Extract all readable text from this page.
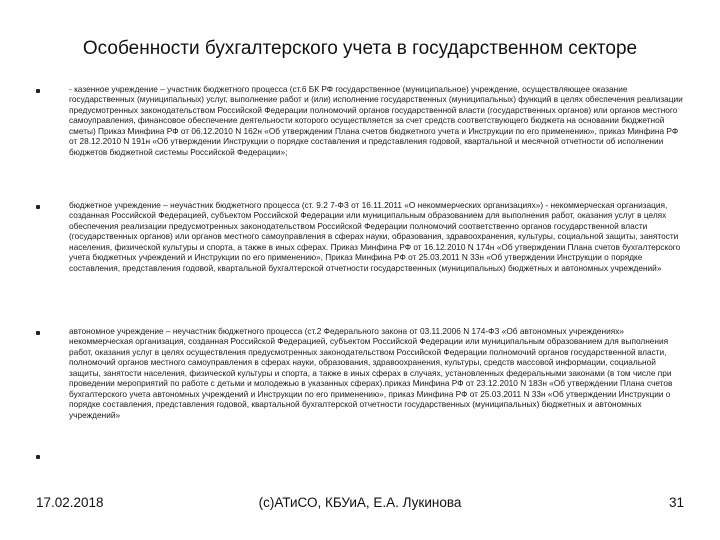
Особенности бухгалтерского учета в государственном секторе
- казенное учреждение – участник бюджетного процесса (ст.6 БК РФ государственное (муниципальное) учреждение, осуществляющее оказание государственных (муниципальных) услуг, выполнение работ и (или) исполнение государственных (муниципальных) функций в целях обеспечения реализации предусмотренных законодательством Российской Федерации полномочий органов государственной власти (государственных органов) или органов местного самоуправления, финансовое обеспечение деятельности которого осуществляется за счет средств соответствующего бюджета на основании бюджетной сметы) Приказ Минфина РФ от 06.12.2010 N 162н «Об утверждении Плана счетов бюджетного учета и Инструкции по его применению», приказ Минфина РФ от 28.12.2010 N 191н «Об утверждении Инструкции о порядке составления и представления годовой, квартальной и месячной отчетности об исполнении бюджетов бюджетной системы Российской Федерации»;
бюджетное учреждение – неучастник бюджетного процесса (ст. 9.2 7-ФЗ от 16.11.2011 «О некоммерческих организациях») - некоммерческая организация, созданная Российской Федерацией, субъектом Российской Федерации или муниципальным образованием для выполнения работ, оказания услуг в целях обеспечения реализации предусмотренных законодательством Российской Федерации полномочий соответственно органов государственной власти (государственных органов) или органов местного самоуправления в сферах науки, образования, здравоохранения, культуры, социальной защиты, занятости населения, физической культуры и спорта, а также в иных сферах. Приказ Минфина РФ от 16.12.2010 N 174н «Об утверждении Плана счетов бухгалтерского учета бюджетных учреждений и Инструкции по его применению», Приказ Минфина РФ от 25.03.2011 N 33н «Об утверждении Инструкции о порядке составления, представления годовой, квартальной бухгалтерской отчетности государственных (муниципальных) бюджетных и автономных учреждений»
автономное учреждение – неучастник бюджетного процесса (ст.2 Федерального закона от 03.11.2006 N 174-ФЗ «Об автономных учреждениях» некоммерческая организация, созданная Российской Федерацией, субъектом Российской Федерации или муниципальным образованием для выполнения работ, оказания услуг в целях осуществления предусмотренных законодательством Российской Федерации полномочий органов государственной власти, полномочий органов местного самоуправления в сферах науки, образования, здравоохранения, культуры, средств массовой информации, социальной защиты, занятости населения, физической культуры и спорта, а также в иных сферах в случаях, установленных федеральными законами (в том числе при проведении мероприятий по работе с детьми и молодежью в указанных сферах).приказ Минфина РФ от 23.12.2010 N 183н «Об утверждении Плана счетов бухгалтерского учета автономных учреждений и Инструкции по его применению», приказ Минфина РФ от 25.03.2011 N 33н «Об утверждении Инструкции о порядке составления, представления годовой, квартальной бухгалтерской отчетности государственных (муниципальных) бюджетных и автономных учреждений»
17.02.2018	(с)АТиСО, КБУиА, Е.А. Лукинова	31
